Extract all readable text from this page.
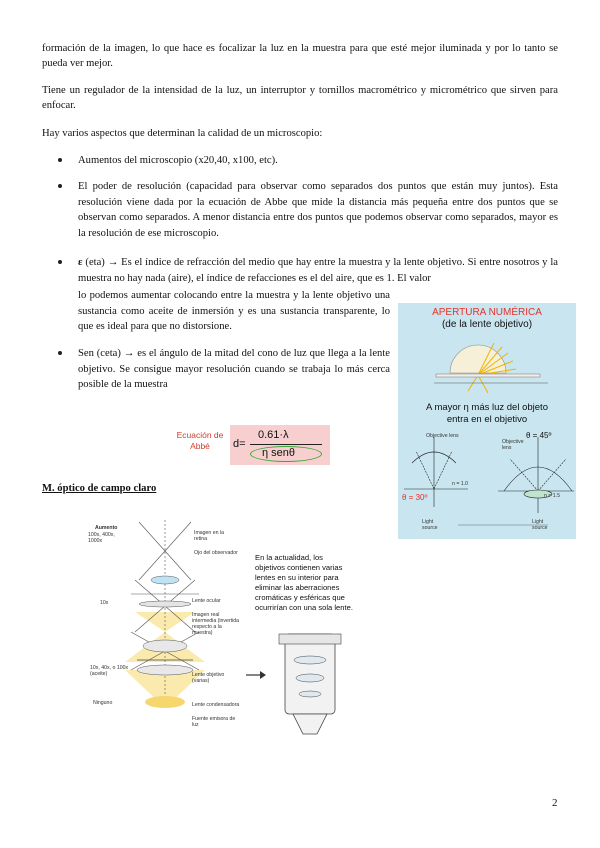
formación de la imagen, lo que hace es focalizar la luz en la muestra para que esté mejor iluminada y por lo tanto se pueda ver mejor.
Tiene un regulador de la intensidad de la luz, un interruptor y tornillos macrométrico y micrométrico que sirven para enfocar.
Hay varios aspectos que determinan la calidad de un microscopio:
Aumentos del microscopio (x20,40, x100, etc).
El poder de resolución (capacidad para observar como separados dos puntos que están muy juntos). Esta resolución viene dada por la ecuación de Abbe que mide la distancia más pequeña entre dos puntos que se observan como separados. A menor distancia entre dos puntos que podemos observar como separados, mayor es la resolución de ese microscopio.
ε (eta) → Es el índice de refracción del medio que hay entre la muestra y la lente objetivo. Si entre nosotros y la muestra no hay nada (aire), el índice de refacciones es el del aire, que es 1. El valor
lo podemos aumentar colocando entre la muestra y la lente objetivo una sustancia como aceite de inmersión y es una sustancia transparente, lo que es ideal para que no distorsione.
Sen (ceta) → es el ángulo de la mitad del cono de luz que llega a la lente objetivo. Se consigue mayor resolución cuando se trabaja lo más cerca posible de la muestra
Ecuación de
Abbé	d=
0.61·λ
η senθ
APERTURA NUMÉRICA
(de la lente objetivo)
A mayor η más luz del objeto
entra en el objetivo
θ = 45º
θ = 30º
Objective lens
Objective lens
n = 1.0
n = 1.5
Light source
Light source
M. óptico de campo claro
Aumento
100x, 400x, 1000x
10x
10x, 40x, o 100x (aceite)
Ninguno
Imagen en la retina
Ojo del observador
Lente ocular
Imagen real intermedia (invertida respecto a la muestra)
Lente objetivo (varias)
Lente condensadora
Fuente emisora de luz
En la actualidad, los objetivos contienen varias lentes en su interior para eliminar las aberraciones cromáticas y esféricas que ocurrirían con una sola lente.
2
